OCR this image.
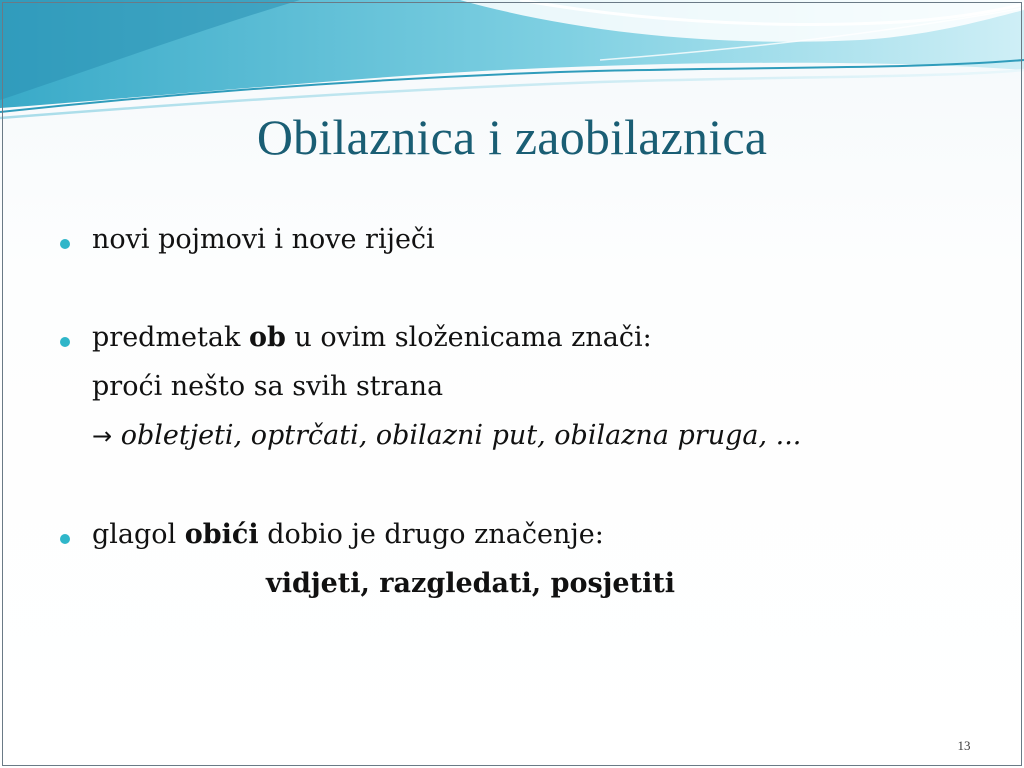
Obilaznica i zaobilaznica
novi pojmovi i nove riječi
predmetak ob u ovim složenicama znači:
proći nešto sa svih strana
→ obletjeti, optrčati, obilazni put, obilazna pruga, ...
glagol obići dobio je drugo značenje:
vidjeti, razgledati, posjetiti
13
